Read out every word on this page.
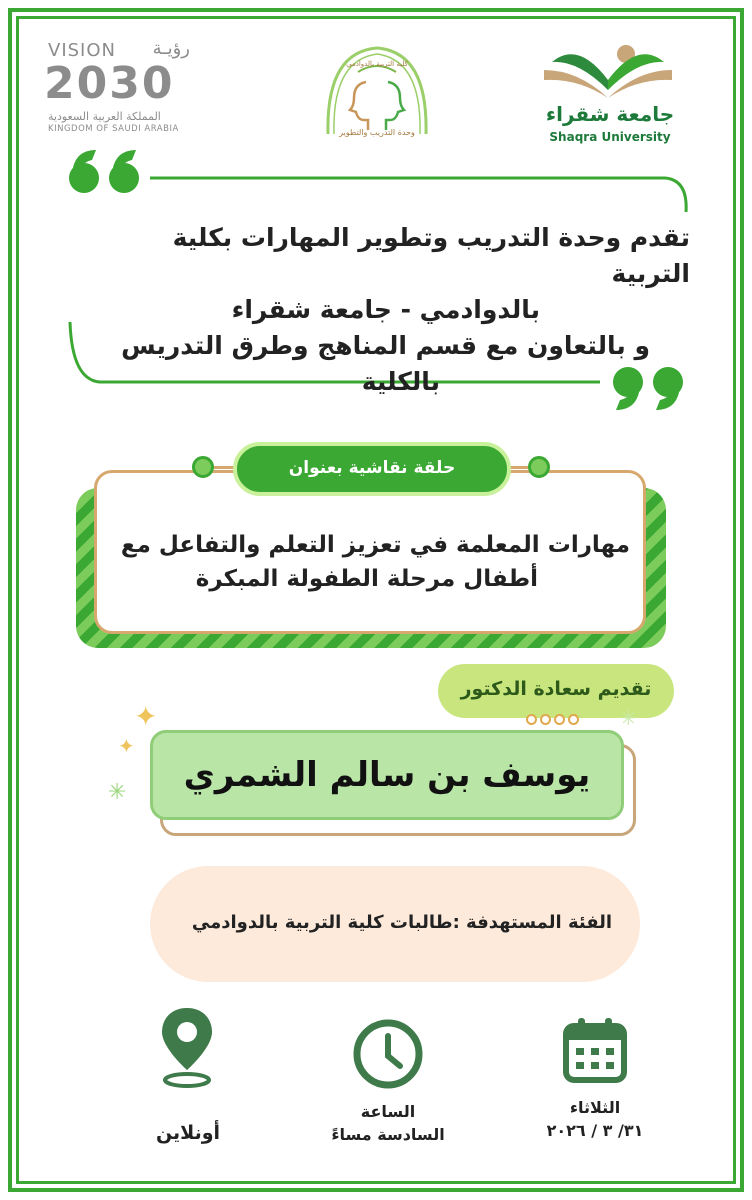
VISION رؤيـة
2030
المملكة العربية السعودية
KINGDOM OF SAUDI ARABIA	وحدة التدريب والتطوير
كلية التربية بالدوادمي
جامعة شقراء
Shaqra University

تقدم وحدة التدريب وتطوير المهارات بكلية التربية

بالدوادمي - جامعة شقراء

و بالتعاون مع قسم المناهج وطرق التدريس

بالكلية

مهارات المعلمة في تعزيز التعلم والتفاعل مع
أطفال مرحلة الطفولة المبكرة
حلقة نقاشية بعنوان
تقديم سعادة الدكتور
✦
✦
✳
✳
يوسف بن سالم الشمري
الفئة المستهدفة :طالبات كلية التربية بالدوادمي
أونلاين
الساعة
السادسة مساءً
الثلاثاء
٣١/ ٣ / ٢٠٢٦
